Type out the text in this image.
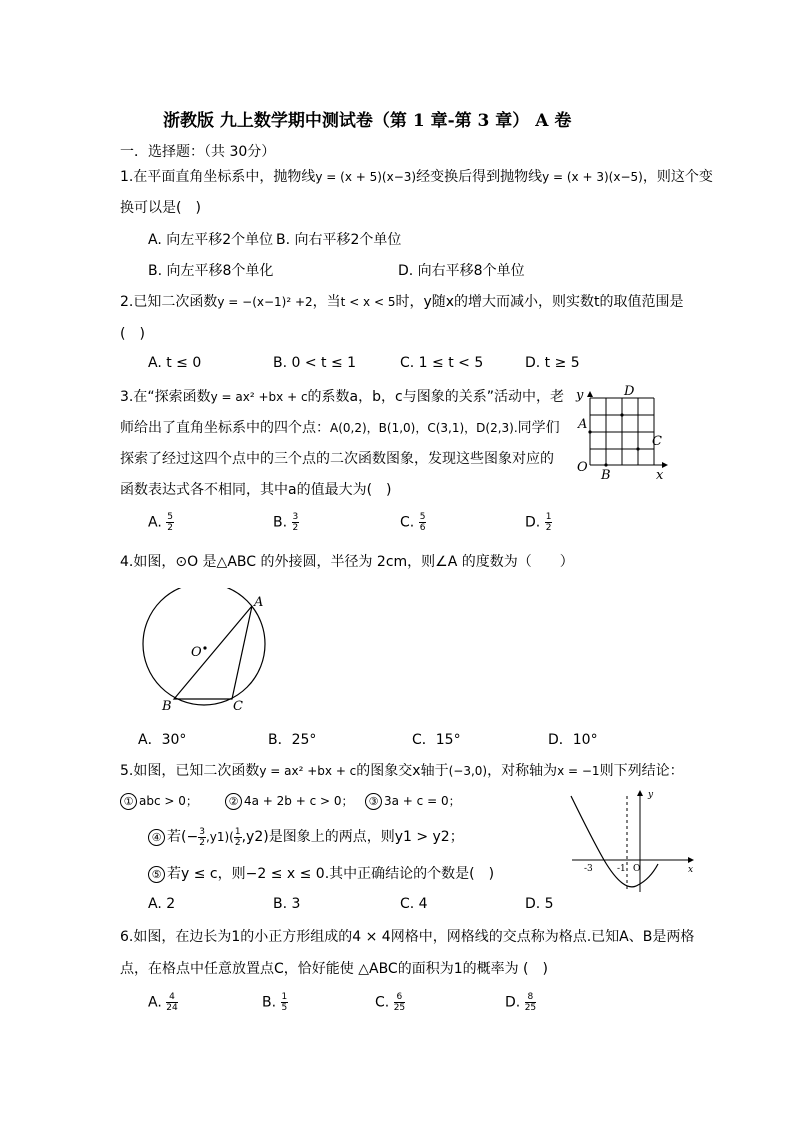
浙教版 九上数学期中测试卷（第 1 章-第 3 章） A 卷
一．选择题：（共 30分）
1.在平面直角坐标系中，抛物线y = (x + 5)(x−3)经变换后得到抛物线y = (x + 3)(x−5)，则这个变
换可以是(　)
A. 向左平移2个单位 B. 向右平移2个单位
B. 向左平移8个单化	D. 向右平移8个单位
2.已知二次函数y = −(x−1)² +2，当t < x < 5时，y随x的增大而减小，则实数t的取值范围是
(　)
A. t ≤ 0	B. 0 < t ≤ 1	C. 1 ≤ t < 5	D. t ≥ 5
3.在“探索函数y = ax² +bx + c的系数a，b，c与图象的关系”活动中，老
师给出了直角坐标系中的四个点：A(0,2)，B(1,0)，C(3,1)，D(2,3).同学们
探索了经过这四个点中的三个点的二次函数图象，发现这些图象对应的
函数表达式各不相同，其中a的值最大为(　)
A. $\frac{5}{2}$	B. $\frac{3}{2}$	C. $\frac{5}{6}$	D. $\frac{1}{2}$
y
x
O
A
B
C
D
4.如图，⊙O 是△ABC 的外接圆，半径为 2cm，则∠A 的度数为（　　）
O
A
B	C
A．30°	B．25°	C．15°	D．10°
5.如图，已知二次函数y = ax² +bx + c的图象交x轴于(−3,0)，对称轴为x = −1则下列结论：
① abc > 0；	② 4a + 2b + c > 0；	③ 3a + c = 0；
④ 若(− $\frac{3}{2} ,y1)( \frac{1}{2} ,y2)$是图象上的两点，则y1 > y2；
⑤ 若y ≤ c，则−2 ≤ x ≤ 0.其中正确结论的个数是(　)
A. 2	B. 3	C. 4	D. 5
-3	-1 O
y
x
6.如图，在边长为1的小正方形组成的4 × 4网格中，网格线的交点称为格点.已知A、B是两格
点，在格点中任意放置点C，恰好能使 △ABC的面积为1的概率为 (　)
A. $\frac{4}{24}$	B. $\frac{1}{5}$	C. $\frac{6}{25}$	D. $\frac{8}{25}$
